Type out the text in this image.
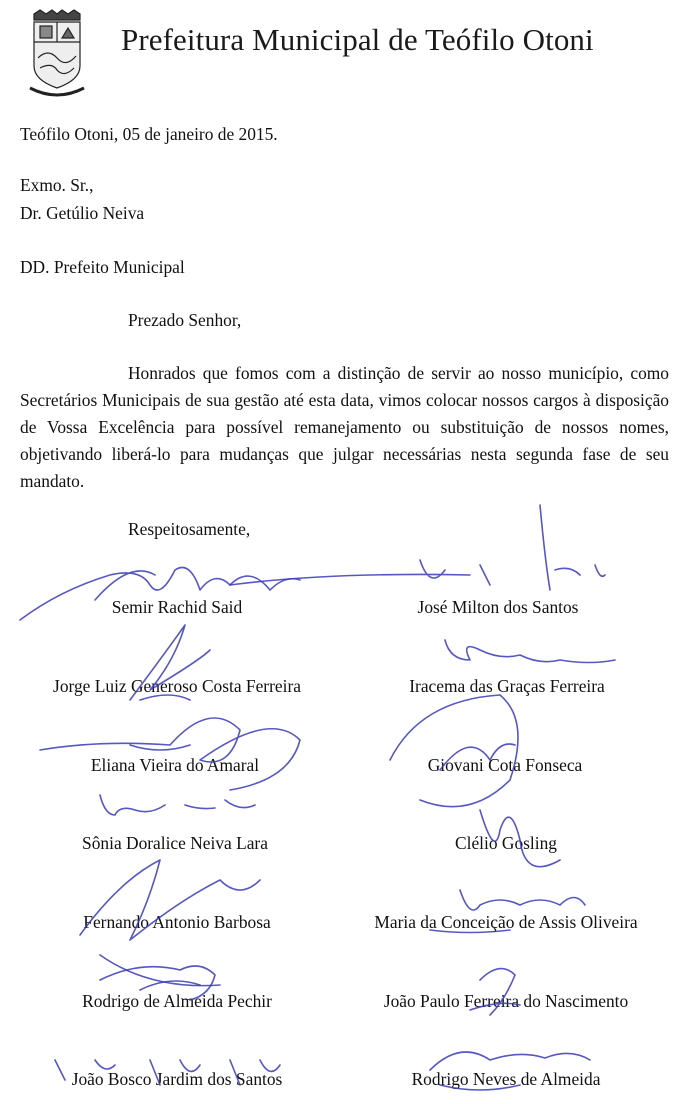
Prefeitura Municipal de Teófilo Otoni
Teófilo Otoni, 05 de janeiro de 2015.
Exmo. Sr.,
Dr. Getúlio Neiva
DD. Prefeito Municipal
Prezado Senhor,
Honrados que fomos com a distinção de servir ao nosso município, como Secretários Municipais de sua gestão até esta data, vimos colocar nossos cargos à disposição de Vossa Excelência para possível remanejamento ou substituição de nossos nomes, objetivando liberá-lo para mudanças que julgar necessárias nesta segunda fase de seu mandato.
Respeitosamente,
Semir Rachid Said	José Milton dos Santos
Jorge Luiz Generoso Costa Ferreira	Iracema das Graças Ferreira
Eliana Vieira do Amaral	Giovani Cota Fonseca
Sônia Doralice Neiva Lara	Clélio Gosling
Fernando Antonio Barbosa	Maria da Conceição de Assis Oliveira
Rodrigo de Almeida Pechir	João Paulo Ferreira do Nascimento
João Bosco Jardim dos Santos	Rodrigo Neves de Almeida
